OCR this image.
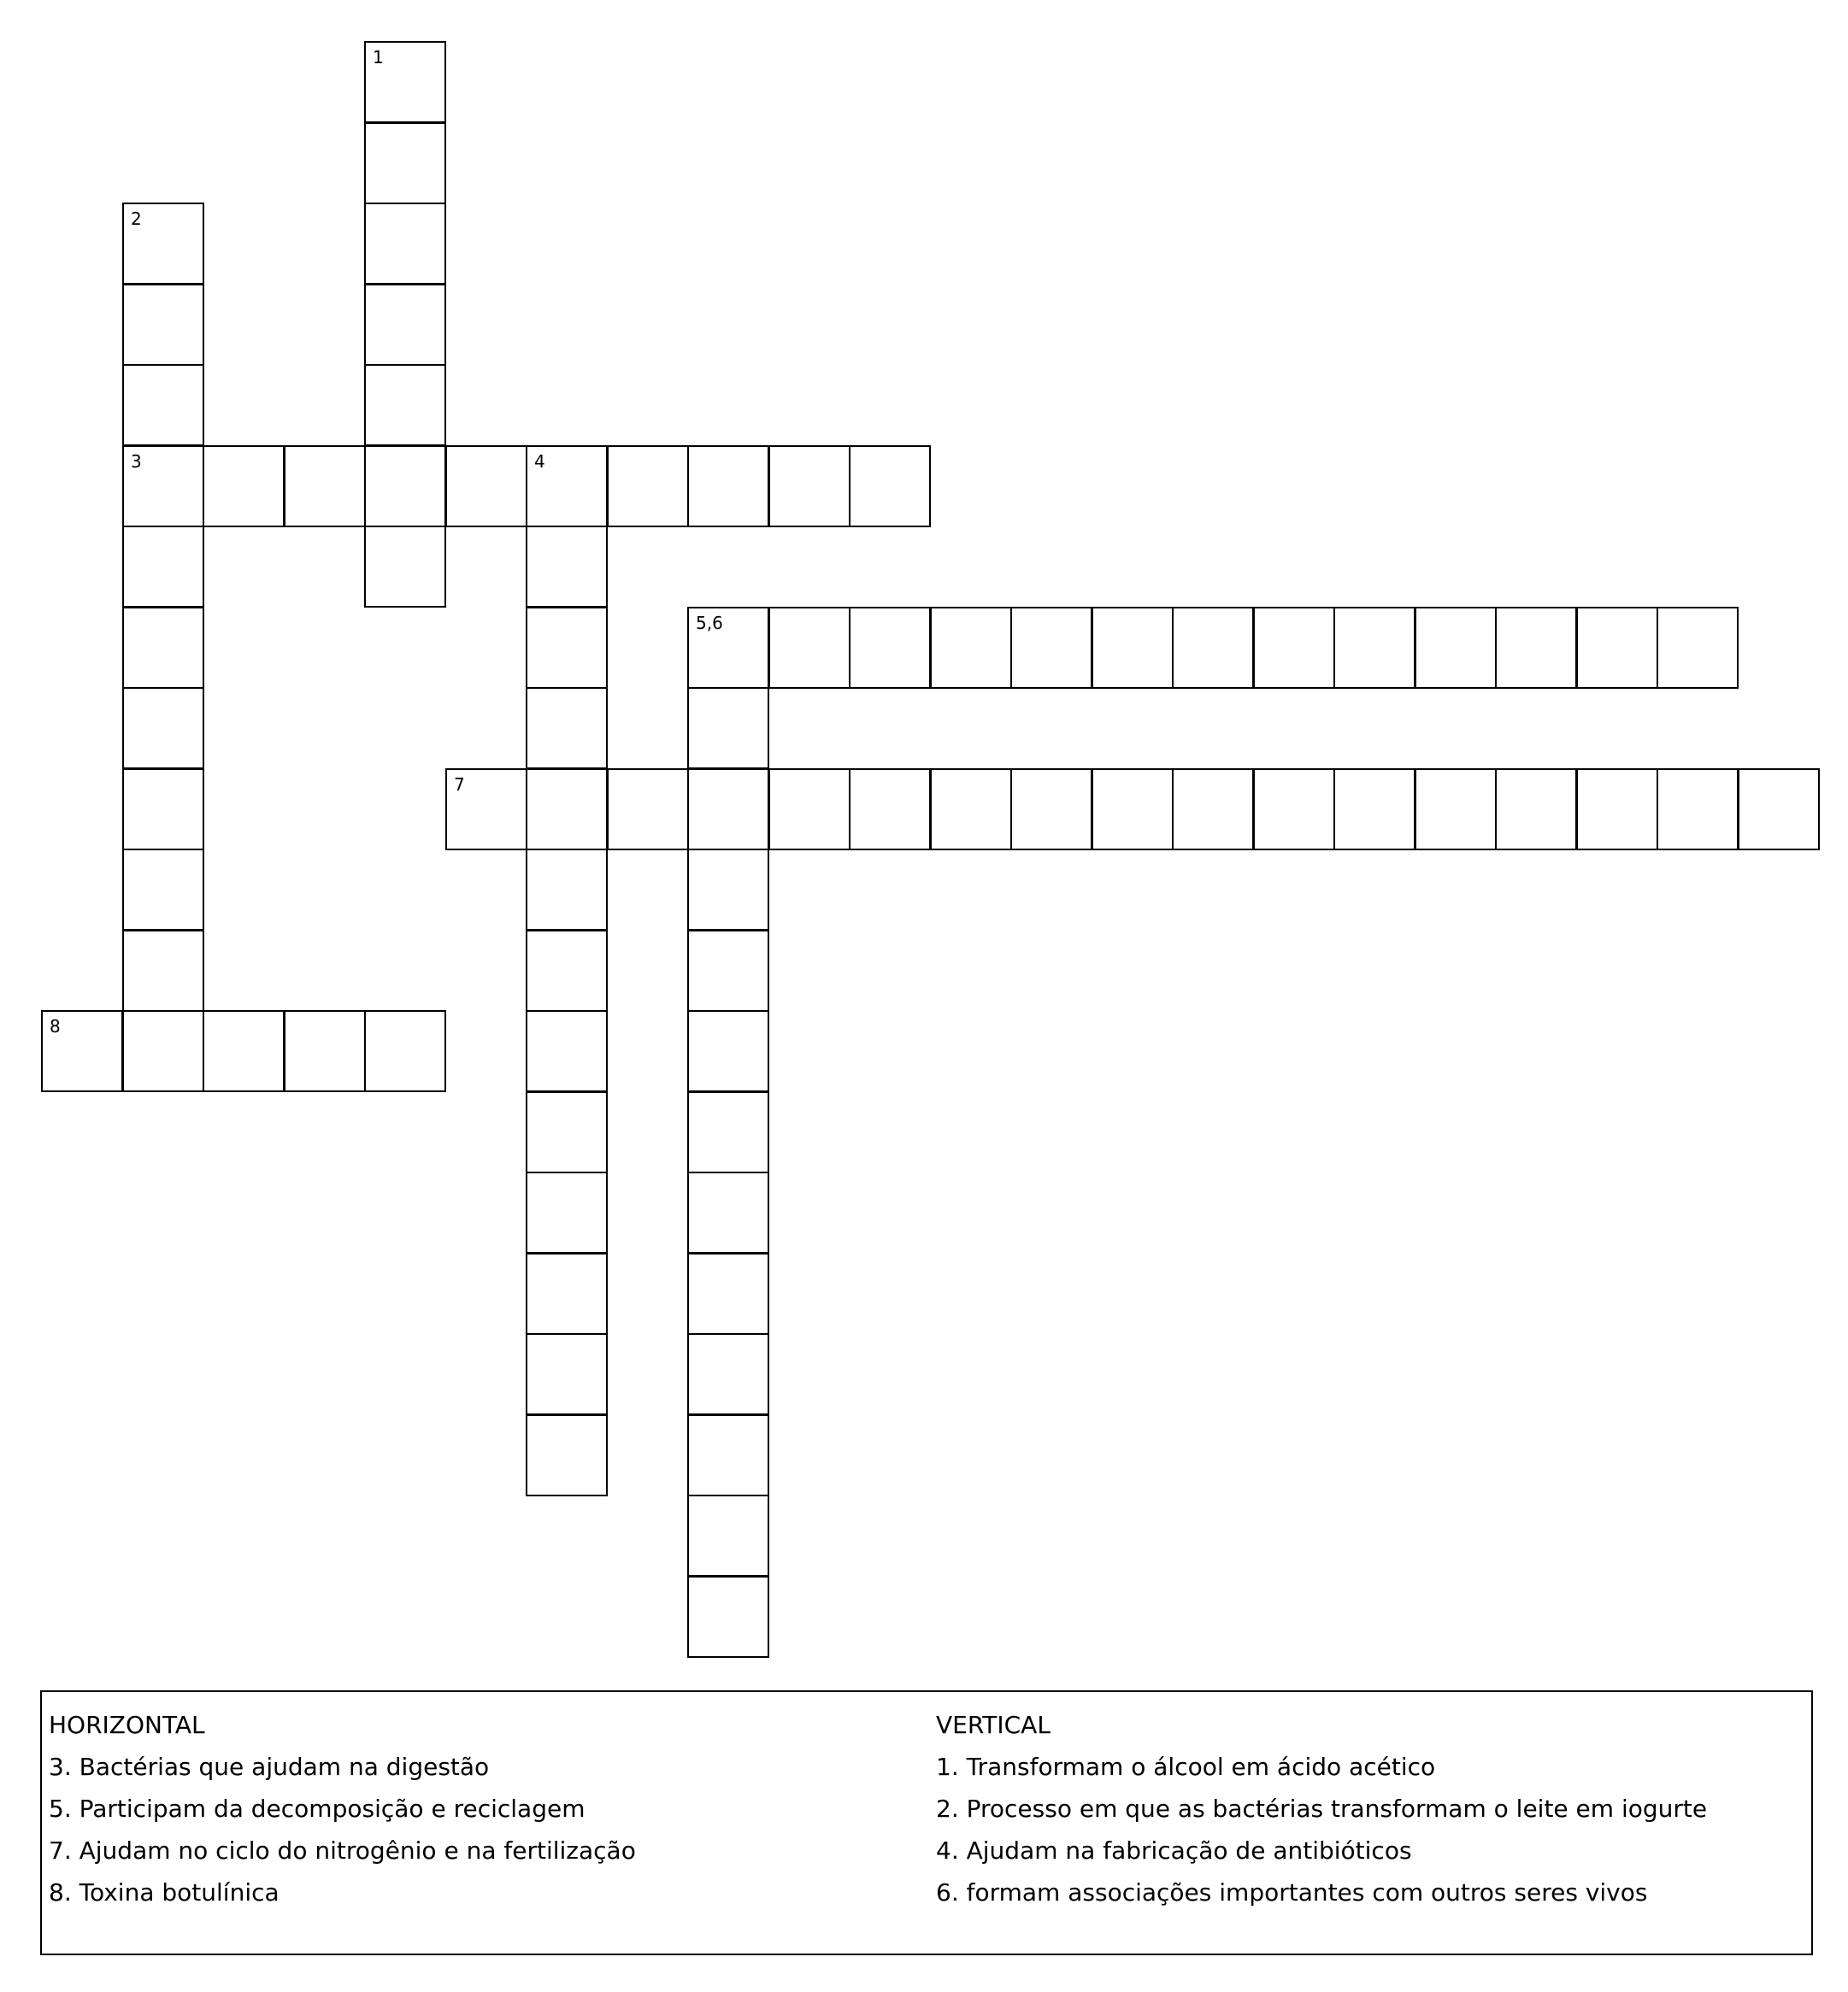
1
2
3	4
5,6
7
8
HORIZONTAL
3. Bactérias que ajudam na digestão
5. Participam da decomposição e reciclagem
7. Ajudam no ciclo do nitrogênio e na fertilização
8. Toxina botulínica
VERTICAL
1. Transformam o álcool em ácido acético
2. Processo em que as bactérias transformam o leite em iogurte
4. Ajudam na fabricação de antibióticos
6. formam associações importantes com outros seres vivos
